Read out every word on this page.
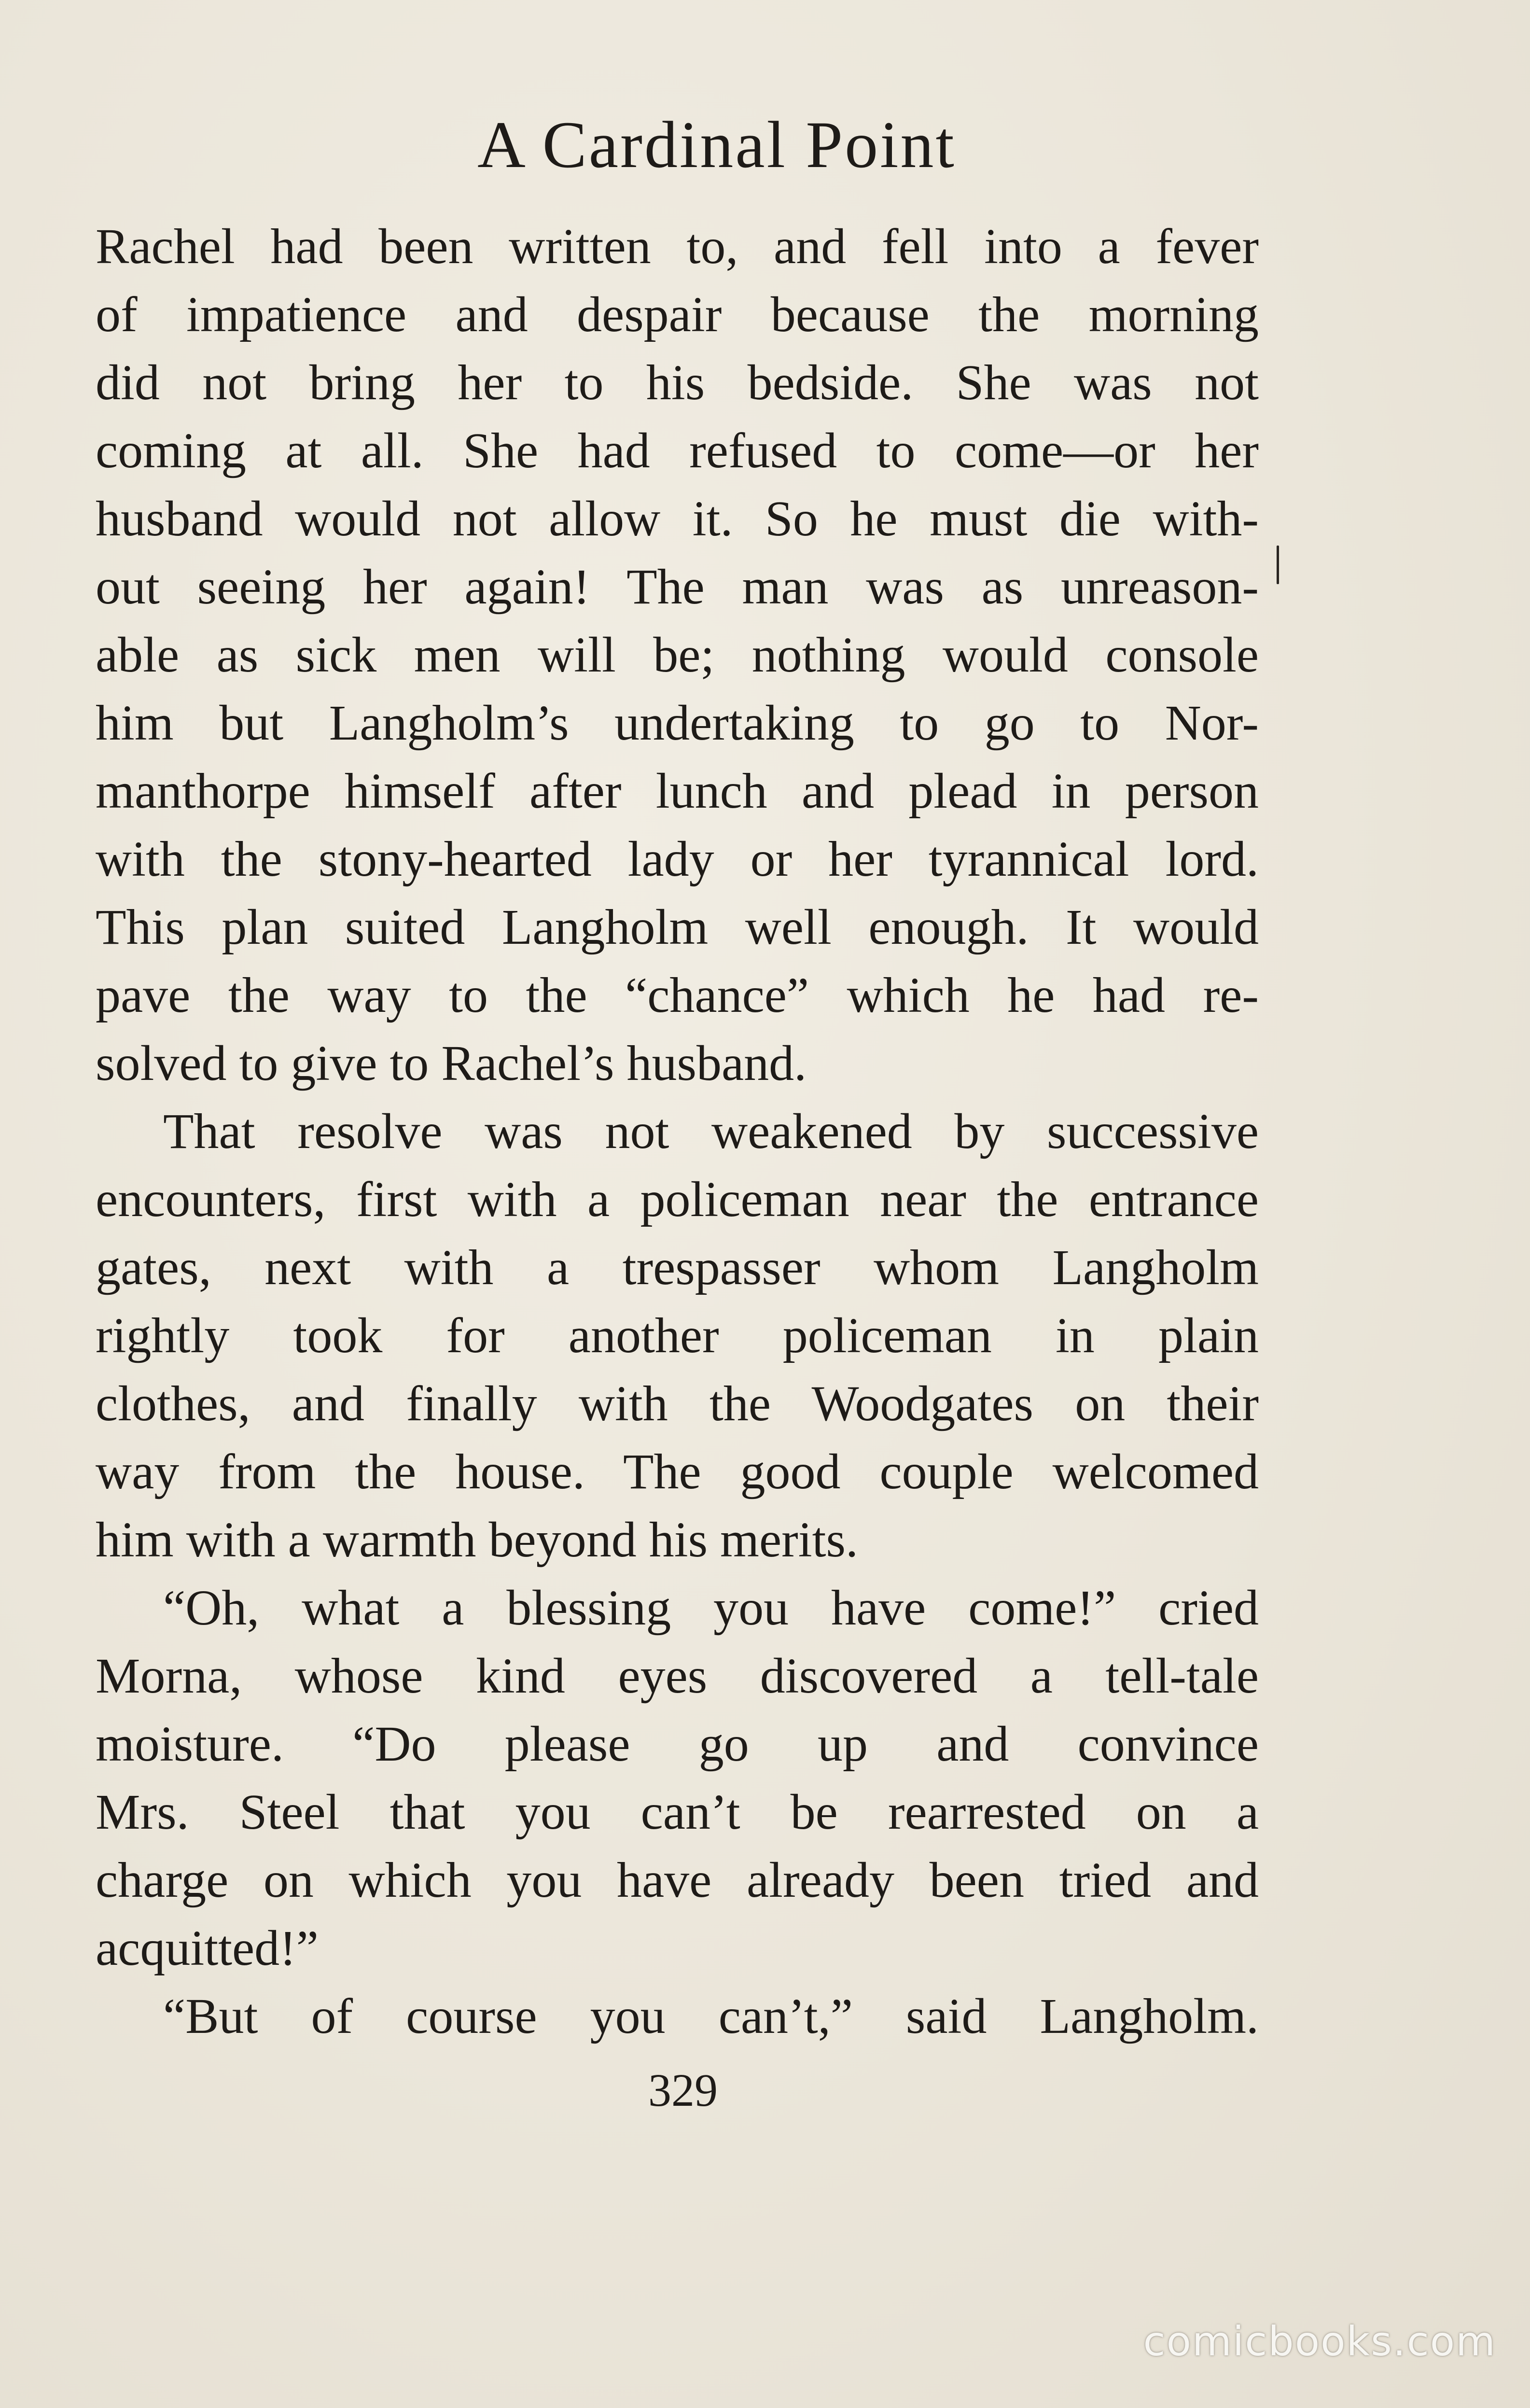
A Cardinal Point
Rachel had been written to, and fell into a fever
of impatience and despair because the morning
did not bring her to his bedside. She was not
coming at all. She had refused to come—or her
husband would not allow it. So he must die with-
out seeing her again! The man was as unreason-
able as sick men will be; nothing would console
him but Langholm’s undertaking to go to Nor-
manthorpe himself after lunch and plead in person
with the stony-hearted lady or her tyrannical lord.
This plan suited Langholm well enough. It would
pave the way to the “chance” which he had re-
solved to give to Rachel’s husband.
That resolve was not weakened by successive
encounters, first with a policeman near the entrance
gates, next with a trespasser whom Langholm
rightly took for another policeman in plain
clothes, and finally with the Woodgates on their
way from the house. The good couple welcomed
him with a warmth beyond his merits.
“Oh, what a blessing you have come!” cried
Morna, whose kind eyes discovered a tell-tale
moisture. “Do please go up and convince
Mrs. Steel that you can’t be rearrested on a
charge on which you have already been tried and
acquitted!”
“But of course you can’t,” said Langholm.
329
comicbooks.com
